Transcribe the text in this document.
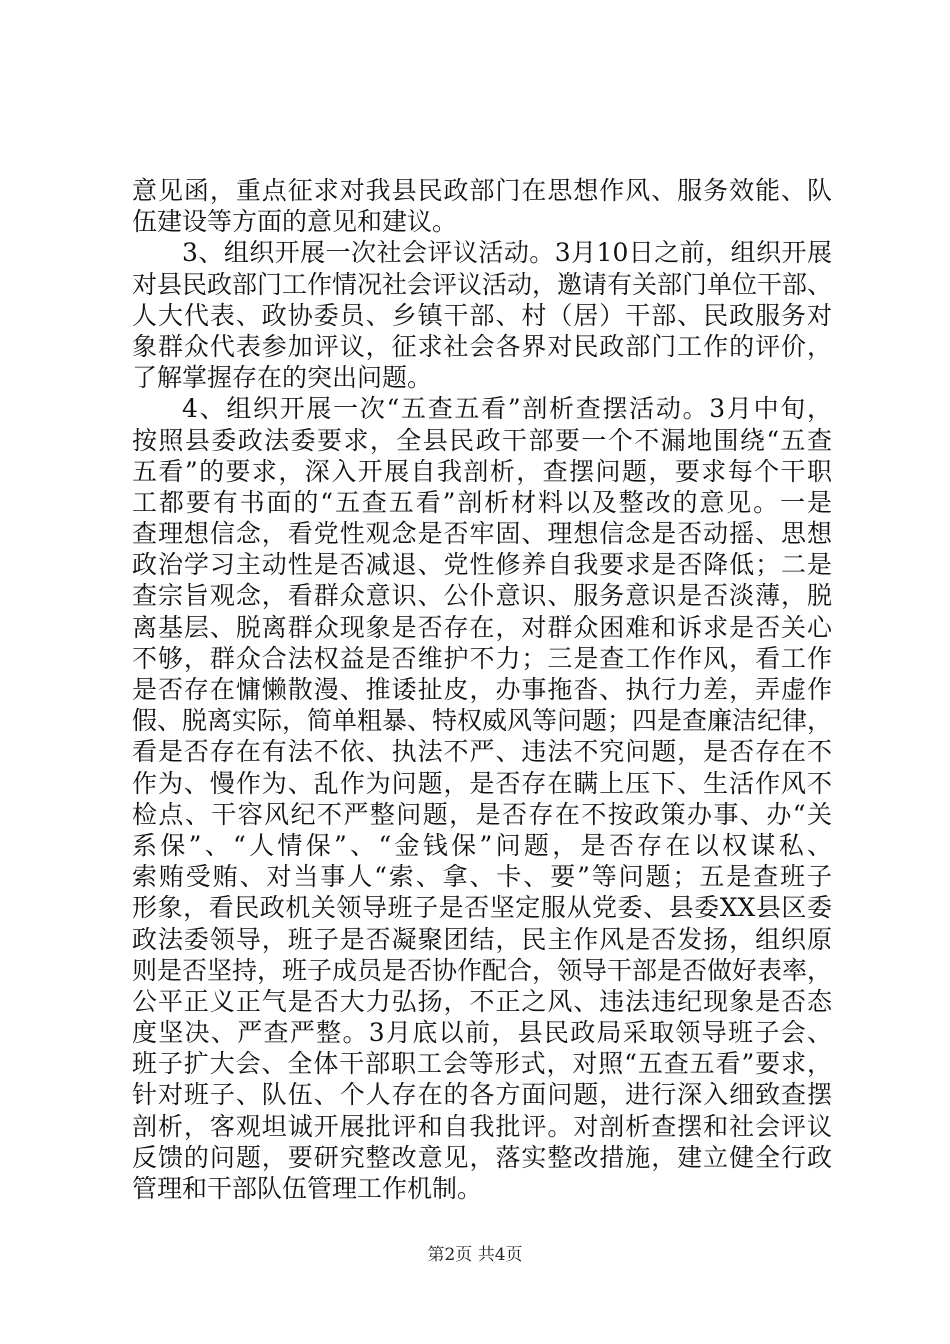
意见函，重点征求对我县民政部门在思想作风、服务效能、队
伍建设等方面的意见和建议。
3、组织开展一次社会评议活动。3月10日之前，组织开展
对县民政部门工作情况社会评议活动，邀请有关部门单位干部、
人大代表、政协委员、乡镇干部、村（居）干部、民政服务对
象群众代表参加评议，征求社会各界对民政部门工作的评价，
了解掌握存在的突出问题。
4、组织开展一次“五查五看”剖析查摆活动。3月中旬，
按照县委政法委要求，全县民政干部要一个不漏地围绕“五查
五看”的要求，深入开展自我剖析，查摆问题，要求每个干职
工都要有书面的“五查五看”剖析材料以及整改的意见。一是
查理想信念，看党性观念是否牢固、理想信念是否动摇、思想
政治学习主动性是否减退、党性修养自我要求是否降低；二是
查宗旨观念，看群众意识、公仆意识、服务意识是否淡薄，脱
离基层、脱离群众现象是否存在，对群众困难和诉求是否关心
不够，群众合法权益是否维护不力；三是查工作作风，看工作
是否存在慵懒散漫、推诿扯皮，办事拖沓、执行力差，弄虚作
假、脱离实际，简单粗暴、特权威风等问题；四是查廉洁纪律，
看是否存在有法不依、执法不严、违法不究问题，是否存在不
作为、慢作为、乱作为问题，是否存在瞒上压下、生活作风不
检点、干容风纪不严整问题，是否存在不按政策办事、办“关
系保”、“人情保”、“金钱保”问题，是否存在以权谋私、
索贿受贿、对当事人“索、拿、卡、要”等问题；五是查班子
形象，看民政机关领导班子是否坚定服从党委、县委XX县区委
政法委领导，班子是否凝聚团结，民主作风是否发扬，组织原
则是否坚持，班子成员是否协作配合，领导干部是否做好表率，
公平正义正气是否大力弘扬，不正之风、违法违纪现象是否态
度坚决、严查严整。3月底以前，县民政局采取领导班子会、
班子扩大会、全体干部职工会等形式，对照“五查五看”要求，
针对班子、队伍、个人存在的各方面问题，进行深入细致查摆
剖析，客观坦诚开展批评和自我批评。对剖析查摆和社会评议
反馈的问题，要研究整改意见，落实整改措施，建立健全行政
管理和干部队伍管理工作机制。
第2页 共4页
